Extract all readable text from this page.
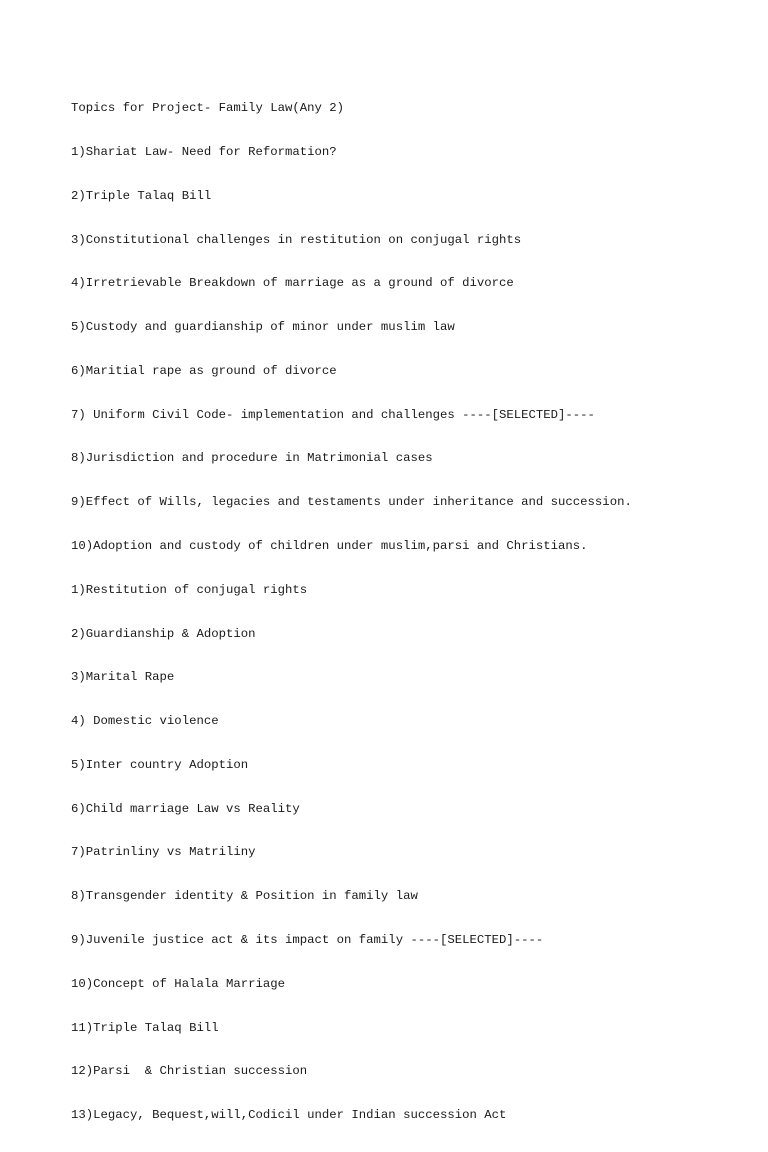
Topics for Project- Family Law(Any 2)

1)Shariat Law- Need for Reformation?

2)Triple Talaq Bill

3)Constitutional challenges in restitution on conjugal rights

4)Irretrievable Breakdown of marriage as a ground of divorce

5)Custody and guardianship of minor under muslim law

6)Maritial rape as ground of divorce

7) Uniform Civil Code- implementation and challenges ----[SELECTED]----

8)Jurisdiction and procedure in Matrimonial cases

9)Effect of Wills, legacies and testaments under inheritance and succession.

10)Adoption and custody of children under muslim,parsi and Christians.

1)Restitution of conjugal rights

2)Guardianship & Adoption

3)Marital Rape

4) Domestic violence

5)Inter country Adoption

6)Child marriage Law vs Reality

7)Patrinliny vs Matriliny

8)Transgender identity & Position in family law

9)Juvenile justice act & its impact on family ----[SELECTED]----

10)Concept of Halala Marriage

11)Triple Talaq Bill

12)Parsi  & Christian succession

13)Legacy, Bequest,will,Codicil under Indian succession Act
